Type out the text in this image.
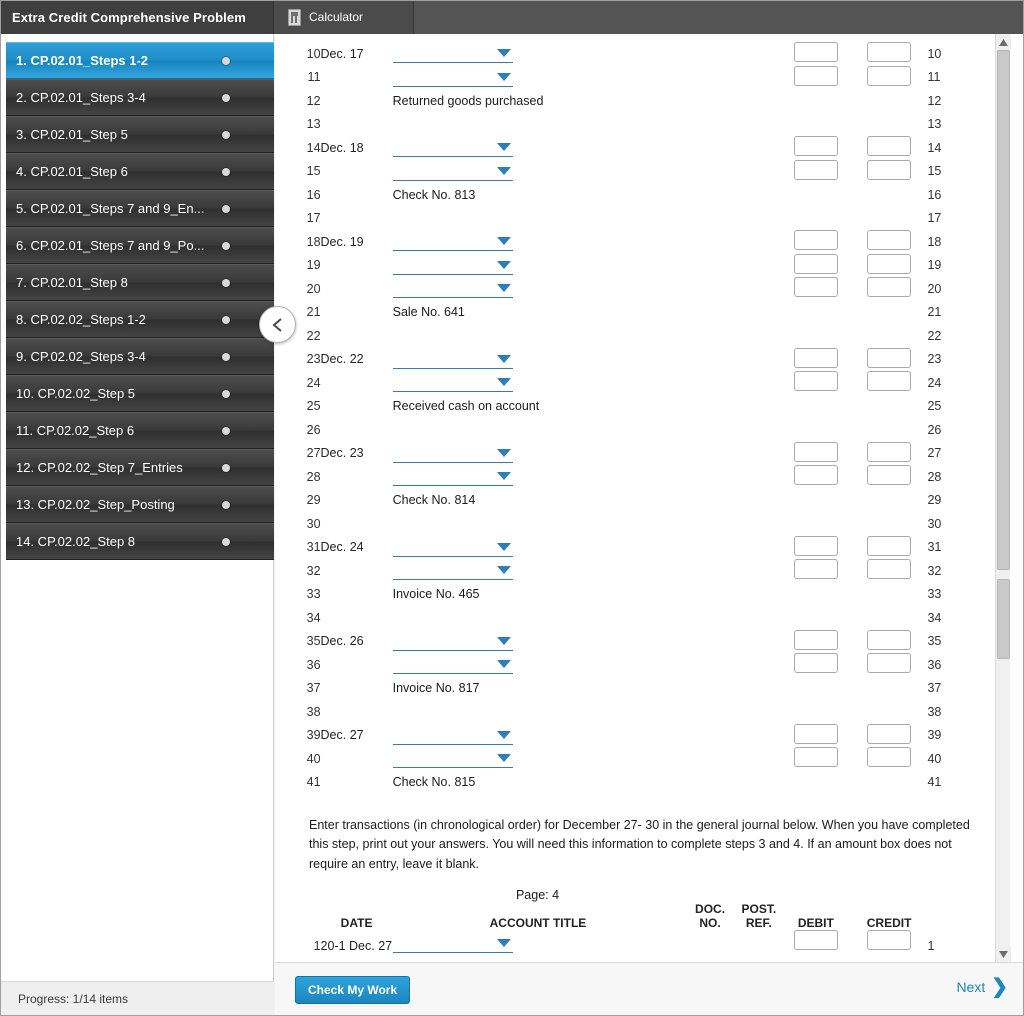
Extra Credit Comprehensive Problem	Calculator
1. CP.02.01_Steps 1-2
2. CP.02.01_Steps 3-4
3. CP.02.01_Step 5
4. CP.02.01_Step 6
5. CP.02.01_Steps 7 and 9_En...
6. CP.02.01_Steps 7 and 9_Po...
7. CP.02.01_Step 8
8. CP.02.02_Steps 1-2
9. CP.02.02_Steps 3-4
10. CP.02.02_Step 5
11. CP.02.02_Step 6
12. CP.02.02_Step 7_Entries
13. CP.02.02_Step_Posting
14. CP.02.02_Step 8
Progress: 1/14 items
10	Dec. 17						10
11							11
12		Returned goods purchased					12
13							13
14	Dec. 18						14
15							15
16		Check No. 813					16
17							17
18	Dec. 19						18
19							19
20							20
21		Sale No. 641					21
22							22
23	Dec. 22						23
24							24
25		Received cash on account					25
26							26
27	Dec. 23						27
28							28
29		Check No. 814					29
30							30
31	Dec. 24						31
32							32
33		Invoice No. 465					33
34							34
35	Dec. 26						35
36							36
37		Invoice No. 817					37
38							38
39	Dec. 27						39
40							40
41		Check No. 815					41
Enter transactions (in chronological order) for December 27- 30 in the general journal below. When you have completed this step, print out your answers. You will need this information to complete steps 3 and 4. If an amount box does not require an entry, leave it blank.
Page: 4
	DATE	ACCOUNT TITLE	DOC. NO.	POST. REF.	DEBIT	CREDIT	
1	20-1 Dec. 27						1
Check My Work	Next ❯
